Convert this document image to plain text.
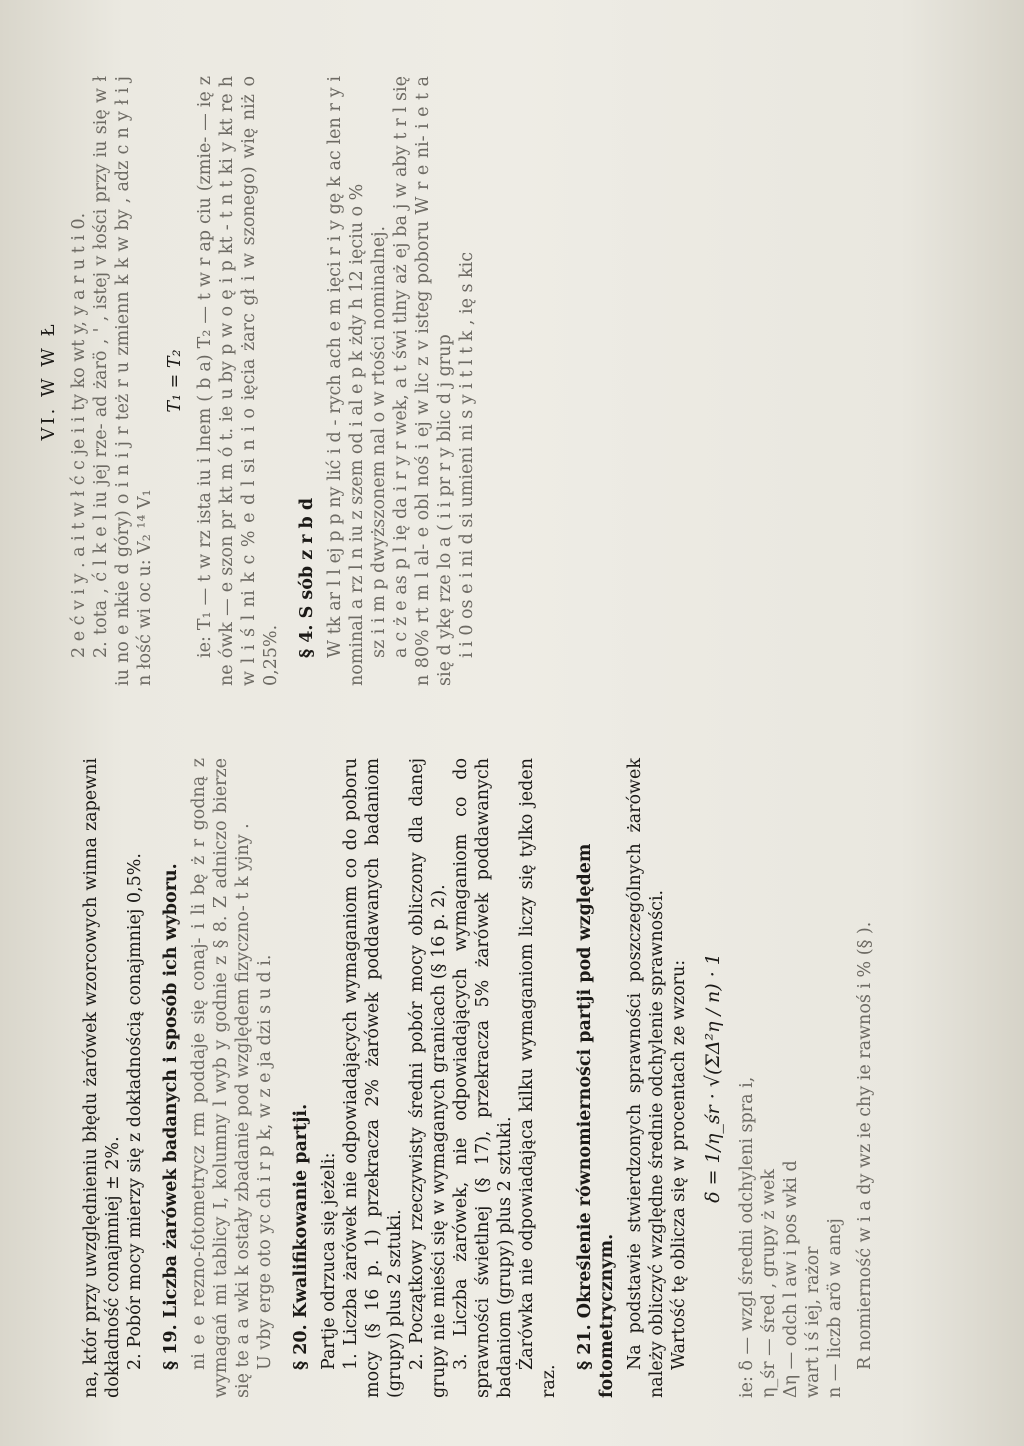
na, któr przy uwzględnieniu błędu żarówek wzorcowych winna zapewni dokładność conajmniej ± 2%. 2. Pobór mocy mierzy się z dokładnością conajmniej 0,5%. § 19. Liczba żarówek badanych i sposób ich wyboru. ni e e rezno-fotometrycz rm poddaje się conaj- i li bę ż r godną z wymagań mi tablicy I, kolumny l wyb y godnie z § 8. Z adniczo bierze się te a a wki k ostały zbadanie pod względem fizyczno- t k yjny . U vby erge oto yc ch i r p k, w z e ja dzi s u d i. § 20. Kwalifikowanie partji. Partje odrzuca się jeżeli: 1. Liczba żarówek nie odpowiadających wymaganiom co do poboru mocy (§ 16 p. 1) przekracza 2% żarówek poddawanych badaniom (grupy) plus 2 sztuki. 2. Początkowy rzeczywisty średni pobór mocy obliczony dla danej grupy nie mieści się w wymaganych granicach (§ 16 p. 2). 3. Liczba żarówek, nie odpowiadających wymaganiom co do sprawności świetlnej (§ 17), przekracza 5% żarówek poddawanych badaniom (grupy) plus 2 sztuki. Żarówka nie odpowiadająca kilku wymaganiom liczy się tylko jeden raz.

§ 21. Określenie równomierności partji pod względem fotometrycznym. Na podstawie stwierdzonych sprawności poszczególnych żarówek należy obliczyć względne średnie odchylenie sprawności. Wartość tę oblicza się w procentach ze wzoru: δ = 1/η_śr · √(ΣΔ²η / n) · 1 ie: δ — wzgl średni odchyleni spra i, η_śr — śred , grupy ż wek Δη — odch l aw i pos wki d wart i ś iej, rażor n — liczb arö w anej R nomierność w i a dy wz ie chy ie rawnoś i % (§ ).

VI. W W Ł 2 e ć v i y . a i t w ł ć c je i i ty ko wt y, y a r u t i 0. 2. tota , ć l k e l iu jej rze- ad żarö , ' , istej v łości przy iu się w ł iu no e nkie d góry) o i n i j r też r u zmienn k k w by , adz c n y ł i j n łość wi oc u: V₂ ¹⁴ V₁

T₁ = T₂ ie: T₁ — t w rz ista iu i lnem ( b a) T₂ — t w r ap ciu (zmie- — ię z ne ówk — e szon pr kt m ó t. ie u by p w o ę i p kt - t n t ki y kt re h w l i ś l ni k c % e d l si n i o ięcia żarc gł i w szonego) wię niż o 0,25%. § 4. S sób z r b d W tk ar l l ej p p ny lić i d - rych ach e m ięci r i y gę k ac len r y i nominal a rz l n iu z szem od i al e p k żdy h 12 ięciu o % sz i i m p dwyższonem nal o w rtości nominalnej. a c ż e as p l ię da i r y r wek, a t świ tlny aż ej ba j w aby t r l się n 80% rt m l al- e obl noś i ej w lic z v isteg poboru W r e ni- i e t a się d ykę rze lo a ( i i pr r y blic d j grup i i 0 os e i ni d si umieni ni s y i t l t k , ię s kic
